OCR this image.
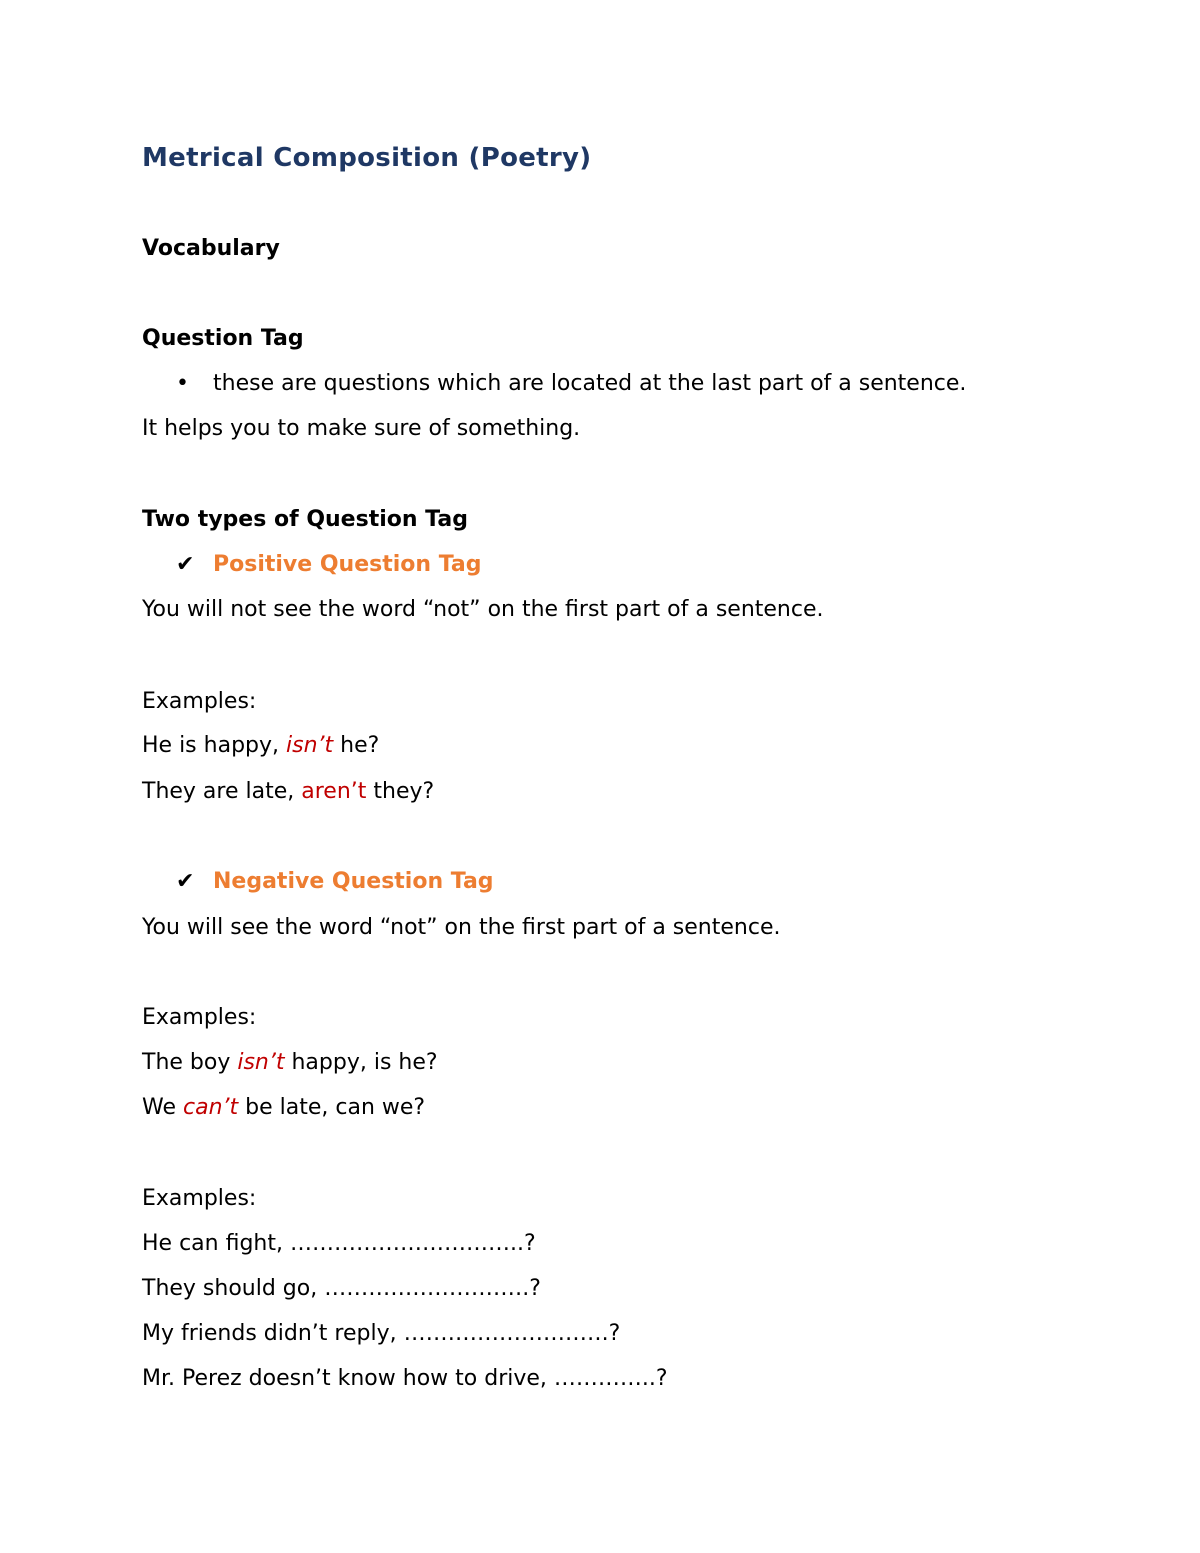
Metrical Composition (Poetry)
Vocabulary
Question Tag
• these are questions which are located at the last part of a sentence.
It helps you to make sure of something.
Two types of Question Tag
✔ Positive Question Tag
You will not see the word “not” on the first part of a sentence.
Examples:
He is happy, isn’t he?
They are late, aren’t they?
✔ Negative Question Tag
You will see the word “not” on the first part of a sentence.
Examples:
The boy isn’t happy, is he?
We can’t be late, can we?
Examples:
He can fight, …………………………..?
They should go, ……………………….?
My friends didn’t reply, ……………………….?
Mr. Perez doesn’t know how to drive, …………..?
